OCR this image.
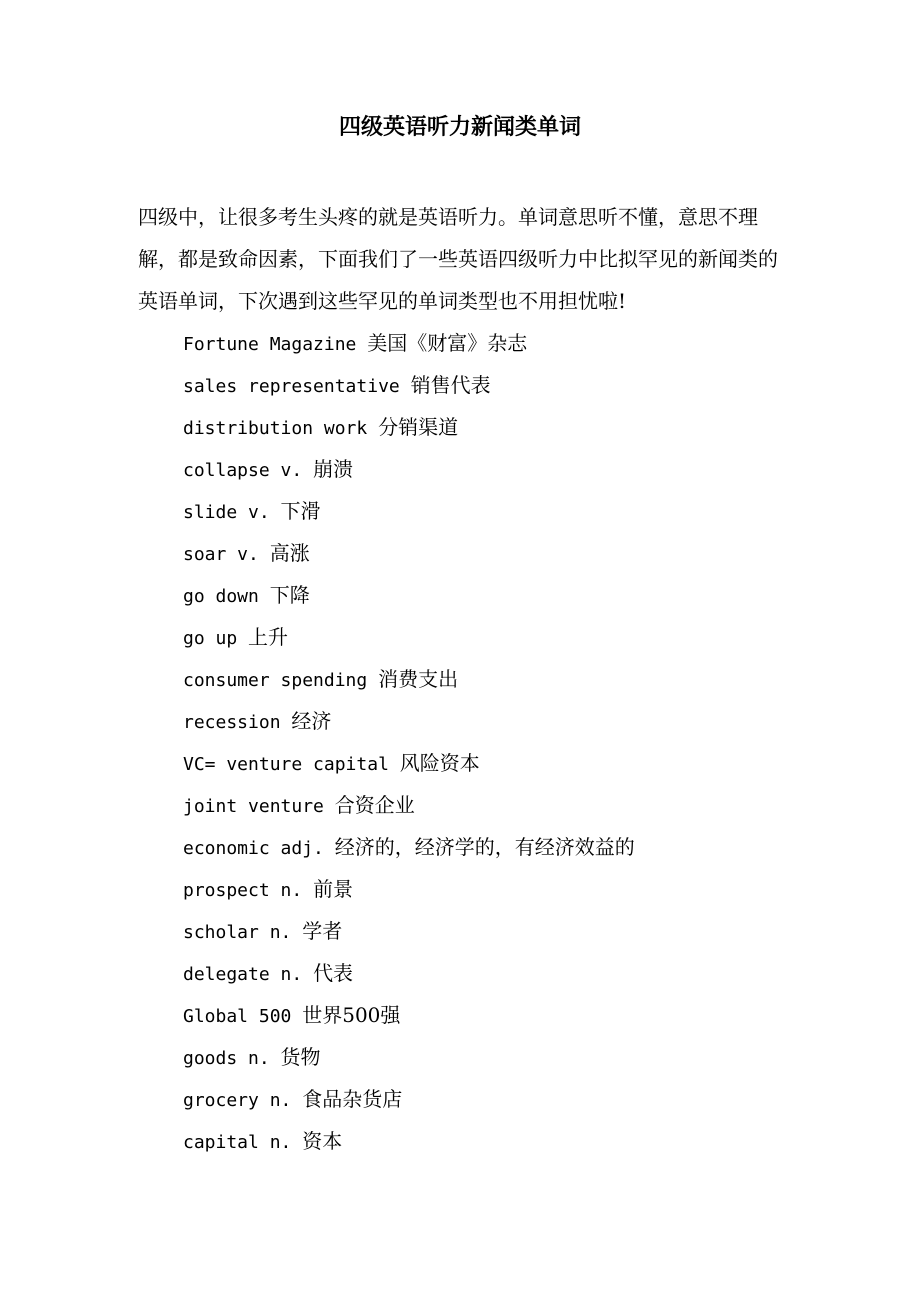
四级英语听力新闻类单词

四级中，让很多考生头疼的就是英语听力。单词意思听不懂，意思不理解，都是致命因素，下面我们了一些英语四级听力中比拟罕见的新闻类的英语单词，下次遇到这些罕见的单词类型也不用担忧啦!

Fortune Magazine 美国《财富》杂志
sales representative 销售代表
distribution work 分销渠道
collapse v. 崩溃
slide v. 下滑
soar v. 高涨
go down 下降
go up 上升
consumer spending 消费支出
recession 经济
VC= venture capital 风险资本
joint venture 合资企业
economic adj. 经济的，经济学的，有经济效益的
prospect n. 前景
scholar n. 学者
delegate n. 代表
Global 500 世界500强
goods n. 货物
grocery n. 食品杂货店
capital n. 资本
